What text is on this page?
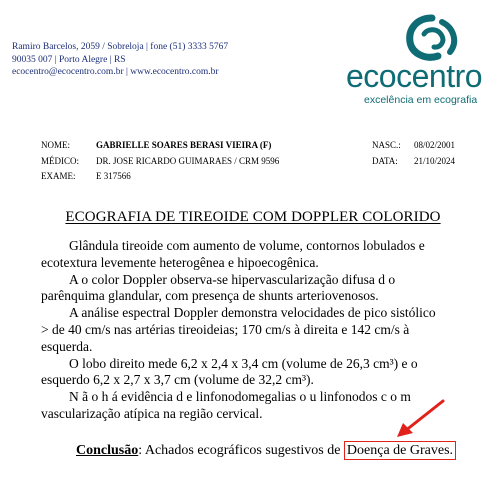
Ramiro Barcelos, 2059 / Sobreloja | fone (51) 3333 5767
90035 007 | Porto Alegre | RS
ecocentro@ecocentro.com.br | www.ecocentro.com.br	ecocentro
excelência em ecografia
NOME:
MÉDICO:
EXAME:
GABRIELLE SOARES BERASI VIEIRA (F)
DR. JOSE RICARDO GUIMARAES / CRM 9596
E 317566
NASC.:
DATA:
08/02/2001
21/10/2024
ECOGRAFIA DE TIREOIDE COM DOPPLER COLORIDO
Glândula tireoide com aumento de volume, contornos lobulados e
ecotextura levemente heterogênea e hipoecogênica.
A o color Doppler observa-se hipervascularização difusa d o
parênquima glandular, com presença de shunts arteriovenosos.
A análise espectral Doppler demonstra velocidades de pico sistólico
> de 40 cm/s nas artérias tireoideias; 170 cm/s à direita e 142 cm/s à
esquerda.
O lobo direito mede 6,2 x 2,4 x 3,4 cm (volume de 26,3 cm³) e o
esquerdo 6,2 x 2,7 x 3,7 cm (volume de 32,2 cm³).
N ã o h á evidência d e linfonodomegalias o u linfonodos c o m
vascularização atípica na região cervical.
Conclusão: Achados ecográficos sugestivos de Doença de Graves.
